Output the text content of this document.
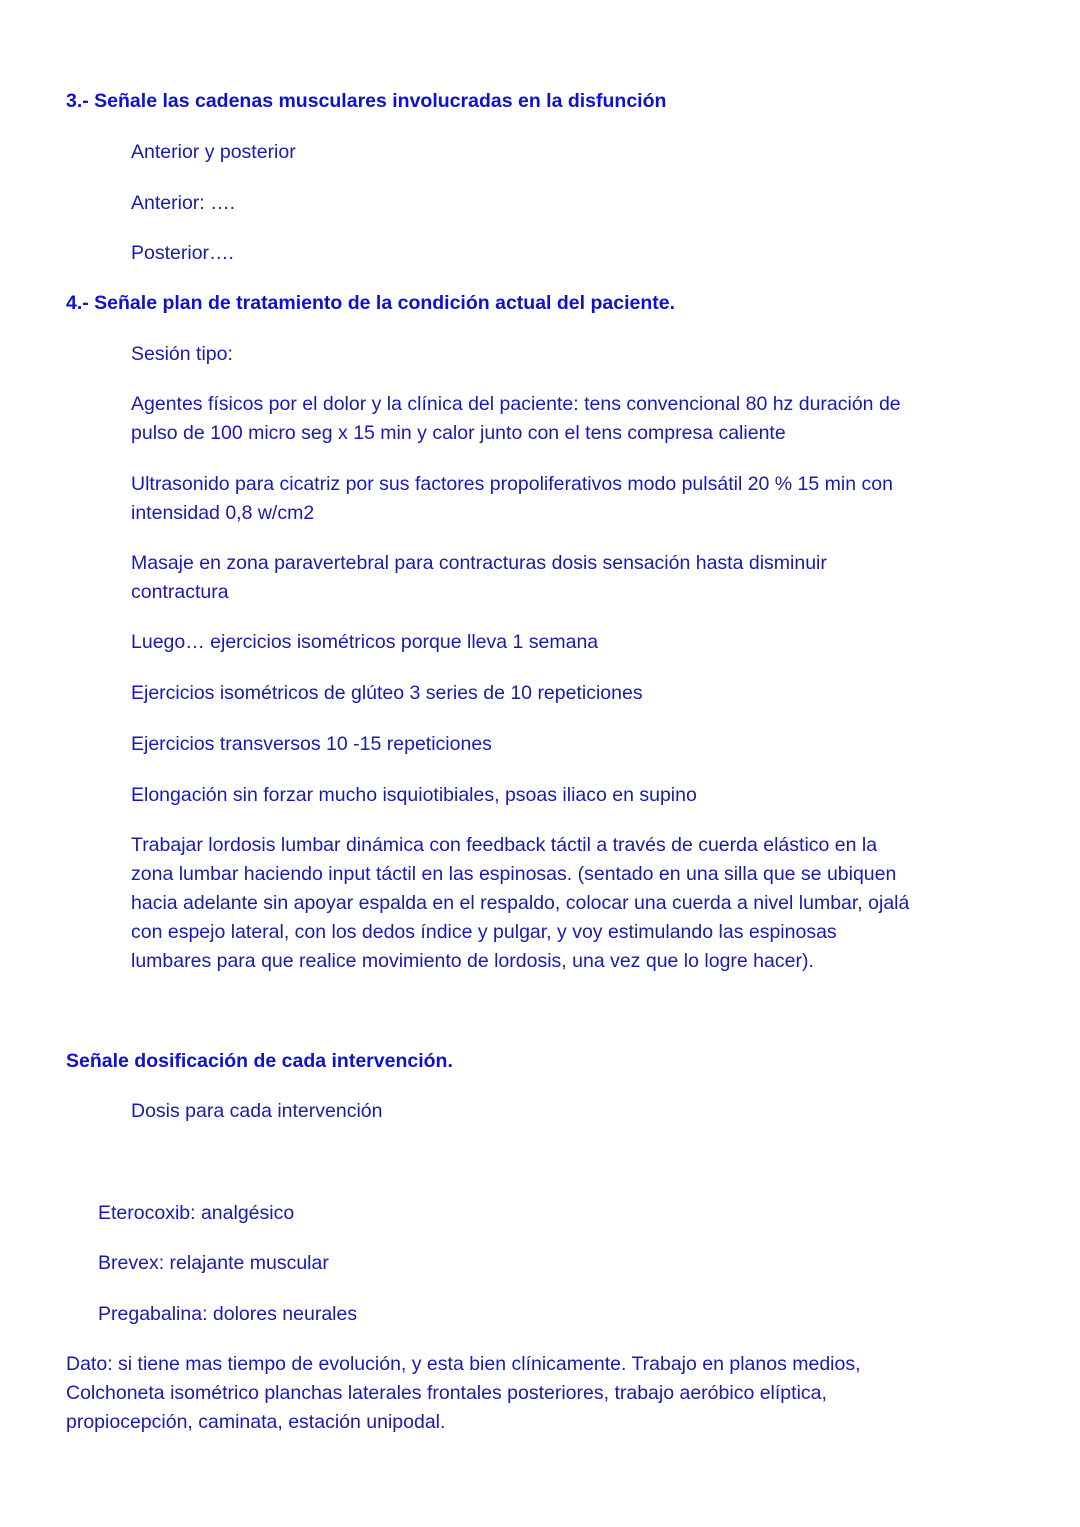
3.- Señale las cadenas musculares involucradas en la disfunción
Anterior y posterior
Anterior: ….
Posterior….
4.- Señale plan de tratamiento de la condición actual del paciente.
Sesión tipo:
Agentes físicos por el dolor y la clínica del paciente: tens convencional 80 hz duración de
pulso de 100 micro seg x 15 min y calor junto con el tens compresa caliente
Ultrasonido para cicatriz por sus factores propoliferativos modo pulsátil 20 % 15 min con
intensidad 0,8 w/cm2
Masaje en zona paravertebral para contracturas dosis sensación hasta disminuir
contractura
Luego… ejercicios isométricos porque lleva 1 semana
Ejercicios isométricos de glúteo 3 series de 10 repeticiones
Ejercicios transversos 10 -15 repeticiones
Elongación sin forzar mucho isquiotibiales, psoas iliaco en supino
Trabajar lordosis lumbar dinámica con feedback táctil a través de cuerda elástico en la
zona lumbar haciendo input táctil en las espinosas. (sentado en una silla que se ubiquen
hacia adelante sin apoyar espalda en el respaldo, colocar una cuerda a nivel lumbar, ojalá
con espejo lateral, con los dedos índice y pulgar, y voy estimulando las espinosas
lumbares para que realice movimiento de lordosis, una vez que lo logre hacer).
Señale dosificación de cada intervención.
Dosis para cada intervención
Eterocoxib: analgésico
Brevex: relajante muscular
Pregabalina: dolores neurales
Dato: si tiene mas tiempo de evolución, y esta bien clínicamente. Trabajo en planos medios,
Colchoneta isométrico planchas laterales frontales posteriores, trabajo aeróbico elíptica,
propiocepción, caminata, estación unipodal.
